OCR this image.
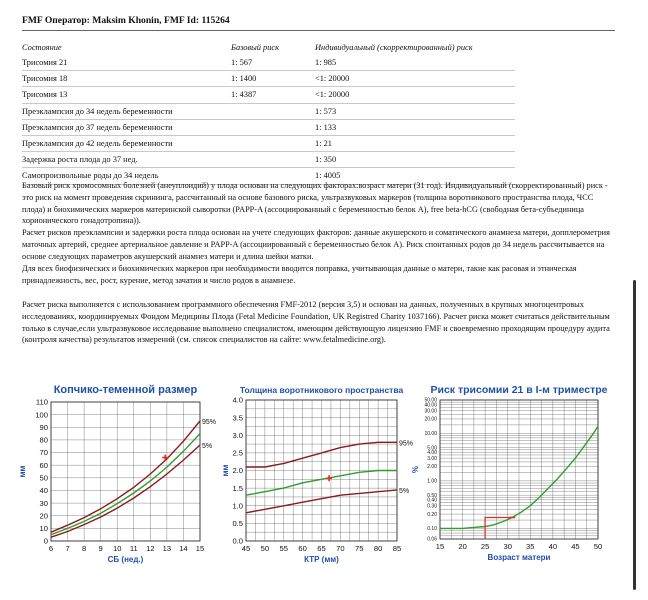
FMF Оператор: Maksim Khonin, FMF Id: 115264
Состояние	Базовый риск	Индивидуальный (скорректированный) риск
Трисомия 21	1: 567	1: 985
Трисомия 18	1: 1400	<1: 20000
Трисомия 13	1: 4387	<1: 20000
Преэклампсия до 34 недель беременности		1: 573
Преэклампсия до 37 недель беременности		1: 133
Преэклампсия до 42 недель беременности		1: 21
Задержка роста плода до 37 нед.		1: 350
Самопроизвольные роды до 34 недель		1: 4005

Базовый риск хромосомных болезней (анеуплоидий) у плода основан на следующих факторах:возраст матери (31 год). Индивидуальный (скорректированный) риск - это риск на момент проведения скрининга, рассчитанный на основе базового риска, ультразвуковых маркеров (толщина воротникового пространства плода, ЧСС плода) и биохимических маркеров материнской сыворотки (PAPP-A (ассоциированный с беременностью белок А), free beta-hCG (свободная бета-субъединица хорионического гонадотропина)).

Расчет рисков преэклампсии и задержки роста плода основан на учете следующих факторов: данные акушерского и соматического анамнеза матери, допплерометрия маточных артерий, среднее артериальное давление и PAPP-A (ассоциированный с беременностью белок А). Риск спонтанных родов до 34 недель рассчитывается на основе следующих параметров акушерский анамнез матери и длина шейки матки.

Для всех биофизических и биохимических маркеров при необходимости вводится поправка, учитывающая данные о матери, такие как расовая и этническая принадлежность, вес, рост, курение, метод зачатия и число родов в анамнезе.

Расчет риска выполняется с использованием программного обеспечения FMF-2012 (версия 3,5) и основан на данных, полученных в крупных многоцентровых исследованиях, координируемых Фондом Медицины Плода (Fetal Medicine Foundation, UK Registred Charity 1037166). Расчет риска может считаться действительным только в случае,если ультразвуковое исследование выполнено специалистом, имеющим действующую лицензию FMF и своевременно проходящим процедуру аудита (контроля качества) результатов измерений (см. список специалистов на сайте: www.fetalmedicine.org).

Копчико-теменной размер
6 7 8 9 10 11 12 13 14 15
0
10
20
30
40
50
60
70
80
90
100
110
СБ (нед.)
мм
95%
5%
Толщина воротникового пространства
45 50 55 60 65 70 75 80 85
0.0
0.5
1.0
1.5
2.0
2.5
3.0
3.5
4.0
КТР (мм)
мм
95%
5%
Риск трисомии 21 в I-м триместре
15 20 25 30 35 40 45 50
0.06
0.10
0.20
0.30
0.40
0.50
1.00
2.00
3.00
4.00
5.00
10.00
20.00
30.00
40.00
50.00
Возраст матери
%
